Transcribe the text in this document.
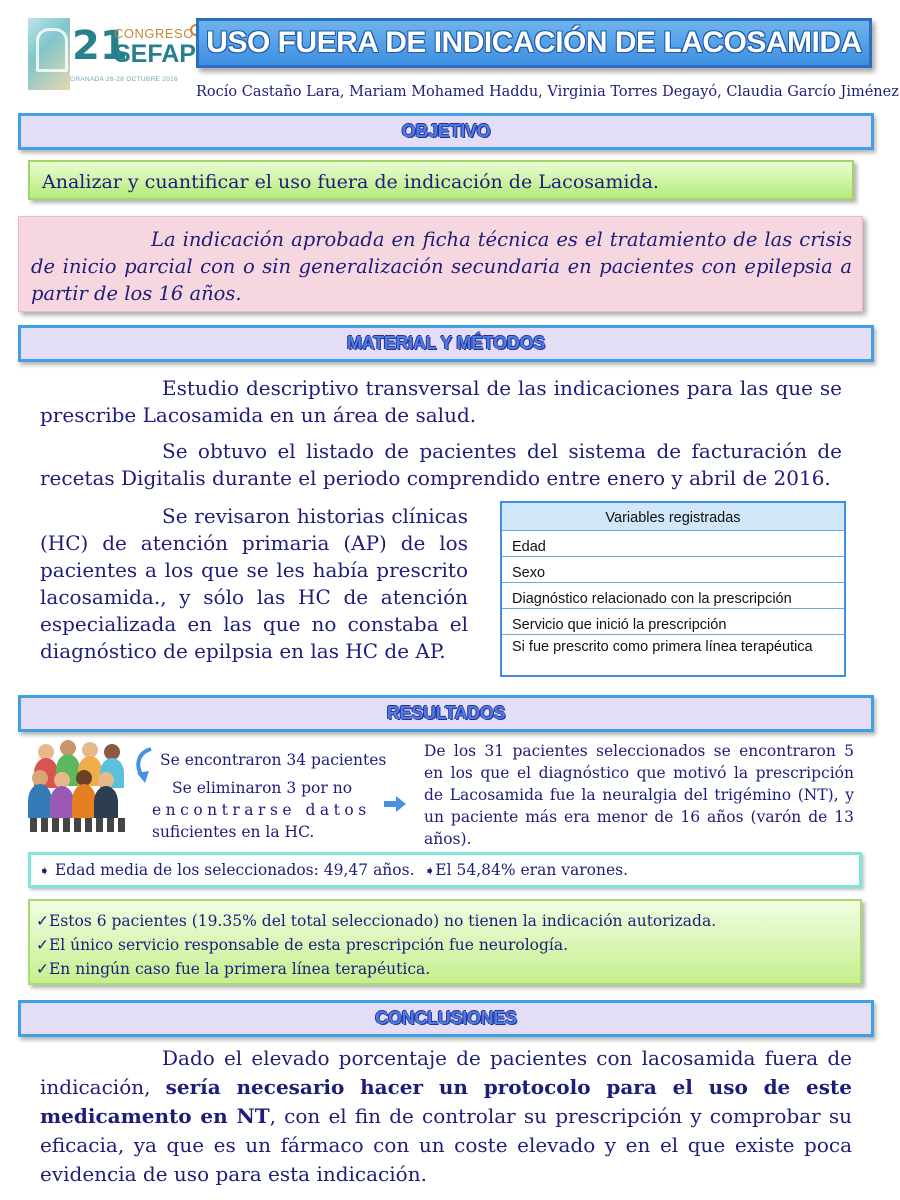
21
CONGRESO
SEFAP
GRANADA 26-28 OCTUBRE 2016
USO FUERA DE INDICACIÓN DE LACOSAMIDA
Rocío Castaño Lara, Mariam Mohamed Haddu, Virginia Torres Degayó, Claudia Garcío Jiménez
OBJETIVO
Analizar y cuantificar el uso fuera de indicación de Lacosamida.
La indicación aprobada en ficha técnica es el tratamiento de las crisis de inicio parcial con o sin generalización secundaria en pacientes con epilepsia a partir de los 16 años.
MATERIAL Y MÉTODOS
Estudio descriptivo transversal de las indicaciones para las que se prescribe Lacosamida en un área de salud.
Se obtuvo el listado de pacientes del sistema de facturación de recetas Digitalis durante el periodo comprendido entre enero y abril de 2016.
Se revisaron historias clínicas (HC) de atención primaria (AP) de los pacientes a los que se les había prescrito lacosamida., y sólo las HC de atención especializada en las que no constaba el diagnóstico de epilpsia en las HC de AP.
Variables registradas
Edad
Sexo
Diagnóstico relacionado con la prescripción
Servicio que inició la prescripción
Si fue prescrito como primera línea terapéutica
RESULTADOS
Se encontraron 34 pacientes
Se eliminaron 3 por no
encontrarse datos
suficientes en la HC.
De los 31 pacientes seleccionados se encontraron 5 en los que el diagnóstico que motivó la prescripción de Lacosamida fue la neuralgia del trigémino (NT), y un paciente más era menor de 16 años (varón de 13 años).
➧ Edad media de los seleccionados: 49,47 años. ➧El 54,84% eran varones.
✓Estos 6 pacientes (19.35% del total seleccionado) no tienen la indicación autorizada.
✓El único servicio responsable de esta prescripción fue neurología.
✓En ningún caso fue la primera línea terapéutica.
CONCLUSIONES
Dado el elevado porcentaje de pacientes con lacosamida fuera de indicación, sería necesario hacer un protocolo para el uso de este medicamento en NT, con el fin de controlar su prescripción y comprobar su eficacia, ya que es un fármaco con un coste elevado y en el que existe poca evidencia de uso para esta indicación.
